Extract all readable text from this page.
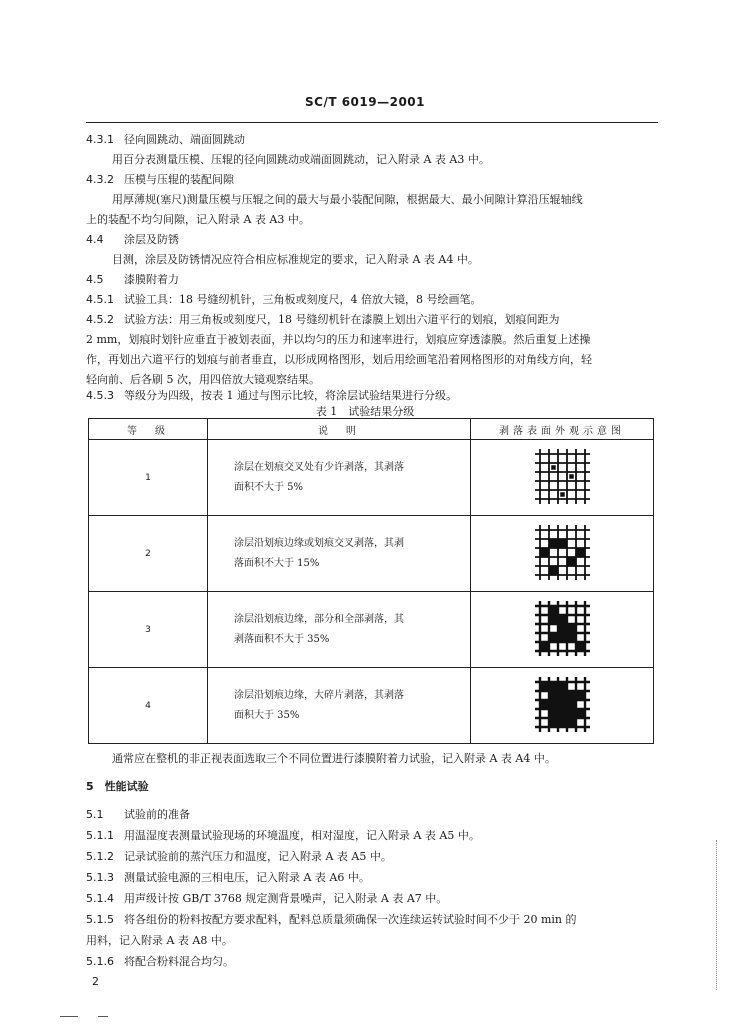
SC/T 6019—2001
4.3.1 径向圆跳动、端面圆跳动
用百分表测量压模、压辊的径向圆跳动或端面圆跳动，记入附录 A 表 A3 中。
4.3.2 压模与压辊的装配间隙
用厚薄规(塞尺)测量压模与压辊之间的最大与最小装配间隙，根据最大、最小间隙计算沿压辊轴线
上的装配不均匀间隙，记入附录 A 表 A3 中。
4.4 涂层及防锈
目测，涂层及防锈情况应符合相应标准规定的要求，记入附录 A 表 A4 中。
4.5 漆膜附着力
4.5.1 试验工具：18 号缝纫机针，三角板或刻度尺，4 倍放大镜，8 号绘画笔。
4.5.2 试验方法：用三角板或刻度尺，18 号缝纫机针在漆膜上划出六道平行的划痕，划痕间距为
2 mm，划痕时划针应垂直于被划表面，并以均匀的压力和速率进行，划痕应穿透漆膜。然后重复上述操
作，再划出六道平行的划痕与前者垂直，以形成网格图形，划后用绘画笔沿着网格图形的对角线方向，轻
轻向前、后各刷 5 次，用四倍放大镜观察结果。
表 1　试验结果分级
等　级	说　明	剥落表面外观示意图
1	涂层在划痕交叉处有少许剥落，其剥落
面积不大于 5%	
2	涂层沿划痕边缘或划痕交叉剥落，其剥
落面积不大于 15%	
3	涂层沿划痕边缘，部分和全部剥落，其
剥落面积不大于 35%	
4	涂层沿划痕边缘，大碎片剥落，其剥落
面积大于 35%	
通常应在整机的非正视表面选取三个不同位置进行漆膜附着力试验，记入附录 A 表 A4 中。
5　性能试验
5.1 试验前的准备
5.1.1 用温湿度表测量试验现场的环境温度，相对湿度，记入附录 A 表 A5 中。
5.1.2 记录试验前的蒸汽压力和温度，记入附录 A 表 A5 中。
5.1.3 测量试验电源的三相电压，记入附录 A 表 A6 中。
5.1.4 用声级计按 GB/T 3768 规定测背景噪声，记入附录 A 表 A7 中。
5.1.5 将各组份的粉料按配方要求配料，配料总质量须确保一次连续运转试验时间不少于 20 min 的
用料，记入附录 A 表 A8 中。
5.1.6 将配合粉料混合均匀。
2
4.5.3 等级分为四级，按表 1 通过与图示比较，将涂层试验结果进行分级。
